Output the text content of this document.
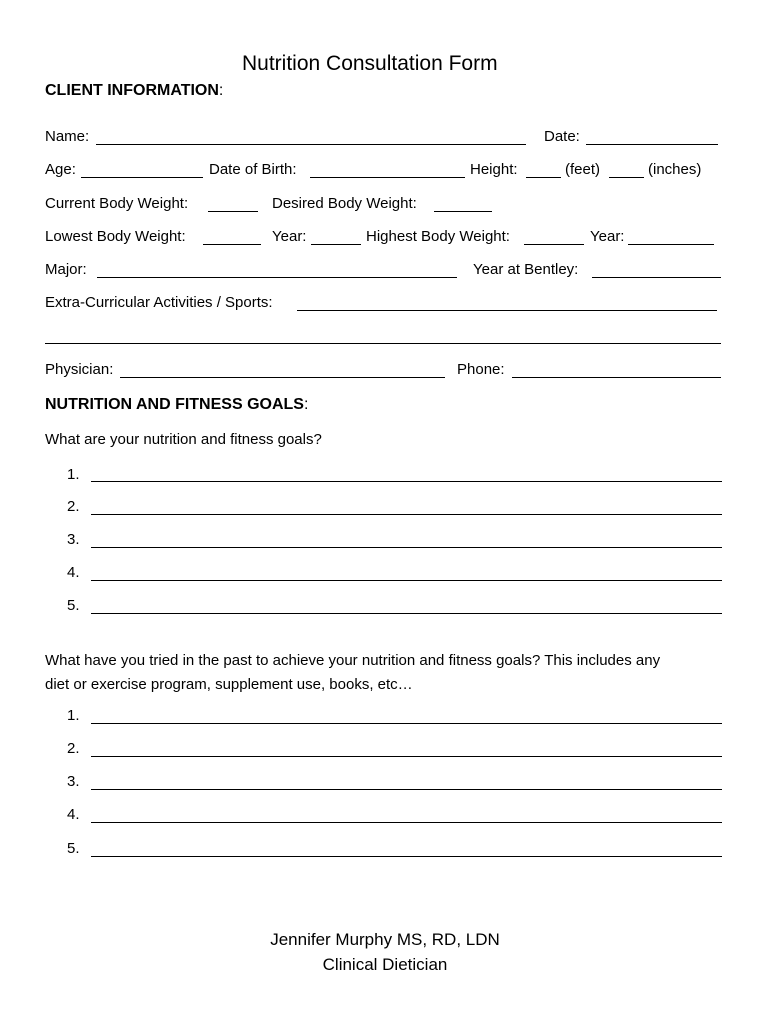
Nutrition Consultation Form
CLIENT INFORMATION:
Name:	Date:
Age:	Date of Birth:	Height:	(feet)	(inches)
Current Body Weight:	Desired Body Weight:
Lowest Body Weight:	Year:	Highest Body Weight:	Year:
Major:	Year at Bentley:
Extra-Curricular Activities / Sports:
Physician:	Phone:
NUTRITION AND FITNESS GOALS:
What are your nutrition and fitness goals?
1.
2.
3.
4.
5.
What have you tried in the past to achieve your nutrition and fitness goals? This includes any
diet or exercise program, supplement use, books, etc…
1.
2.
3.
4.
5.
Jennifer Murphy MS, RD, LDN
Clinical Dietician
